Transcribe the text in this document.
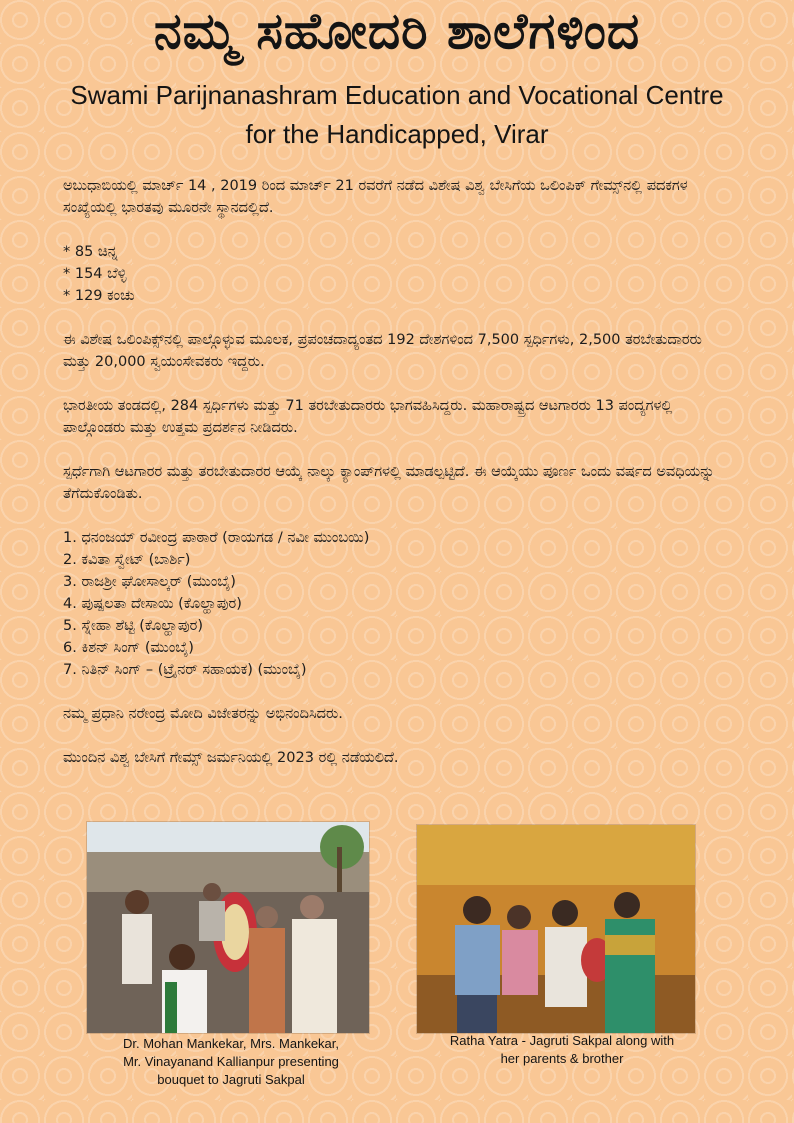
ನಮ್ಮ ಸಹೋದರಿ ಶಾಲೆಗಳಿಂದ
Swami Parijnanashram Education and Vocational Centre
for the Handicapped, Virar

ಅಬುಧಾಬಿಯಲ್ಲಿ ಮಾರ್ಚ್ 14 , 2019 ರಿಂದ ಮಾರ್ಚ್ 21 ರವರೆಗೆ ನಡೆದ ವಿಶೇಷ ವಿಶ್ವ ಬೇಸಿಗೆಯ ಒಲಿಂಪಿಕ್ ಗೇಮ್ಸ್‌ನಲ್ಲಿ ಪದಕಗಳ ಸಂಖ್ಯೆಯಲ್ಲಿ ಭಾರತವು ಮೂರನೇ ಸ್ಥಾನದಲ್ಲಿದೆ.

* 85 ಚಿನ್ನ
* 154 ಬೆಳ್ಳಿ
* 129 ಕಂಚು

ಈ ವಿಶೇಷ ಒಲಿಂಪಿಕ್ಸ್‌ನಲ್ಲಿ ಪಾಲ್ಗೊಳ್ಳುವ ಮೂಲಕ, ಪ್ರಪಂಚದಾದ್ಯಂತದ 192 ದೇಶಗಳಿಂದ 7,500 ಸ್ಪರ್ಧಿಗಳು, 2,500 ತರಬೇತುದಾರರು ಮತ್ತು 20,000 ಸ್ವಯಂಸೇವಕರು ಇದ್ದರು.

ಭಾರತೀಯ ತಂಡದಲ್ಲಿ, 284 ಸ್ಪರ್ಧಿಗಳು ಮತ್ತು 71 ತರಬೇತುದಾರರು ಭಾಗವಹಿಸಿದ್ದರು. ಮಹಾರಾಷ್ಟ್ರದ ಆಟಗಾರರು 13 ಪಂದ್ಯಗಳಲ್ಲಿ ಪಾಲ್ಗೊಂಡರು ಮತ್ತು ಉತ್ತಮ ಪ್ರದರ್ಶನ ನೀಡಿದರು.

ಸ್ಪರ್ಧೆಗಾಗಿ ಆಟಗಾರರ ಮತ್ತು ತರಬೇತುದಾರರ ಆಯ್ಕೆ ನಾಲ್ಕು ಕ್ಯಾಂಪ್‌ಗಳಲ್ಲಿ ಮಾಡಲ್ಪಟ್ಟಿದೆ. ಈ ಆಯ್ಕೆಯು ಪೂರ್ಣ ಒಂದು ವರ್ಷದ ಅವಧಿಯನ್ನು ತೆಗೆದುಕೊಂಡಿತು.

1. ಧನಂಜಯ್ ರವೀಂದ್ರ ಪಾಠಾರೆ (ರಾಯಗಡ / ನವೀ ಮುಂಬಯಿ)
2. ಕವಿತಾ ಸ್ವೇಟ್ (ಬಾರ್ಶಿ)
3. ರಾಜಶ್ರೀ ಘೋಸಾಲ್ಕರ್ (ಮುಂಬೈ)
4. ಪುಷ್ಪಲತಾ ದೇಸಾಯಿ (ಕೊಲ್ಹಾಪುರ)
5. ಸ್ನೇಹಾ ಶೆಟ್ಟಿ (ಕೊಲ್ಹಾಪುರ)
6. ಕಿಶನ್ ಸಿಂಗ್ (ಮುಂಬೈ)
7. ನಿತಿನ್ ಸಿಂಗ್ – (ಟ್ರೈನರ್ ಸಹಾಯಕ) (ಮುಂಬೈ)

ನಮ್ಮ ಪ್ರಧಾನಿ ನರೇಂದ್ರ ಮೋದಿ ವಿಜೇತರನ್ನು ಅಭಿನಂದಿಸಿದರು.

ಮುಂದಿನ ವಿಶ್ವ ಬೇಸಿಗೆ ಗೇಮ್ಸ್ ಜರ್ಮನಿಯಲ್ಲಿ 2023 ರಲ್ಲಿ ನಡೆಯಲಿದೆ.

Dr. Mohan Mankekar, Mrs. Mankekar,
Mr. Vinayanand Kallianpur presenting
bouquet to Jagruti Sakpal
Ratha Yatra - Jagruti Sakpal along with
her parents & brother
